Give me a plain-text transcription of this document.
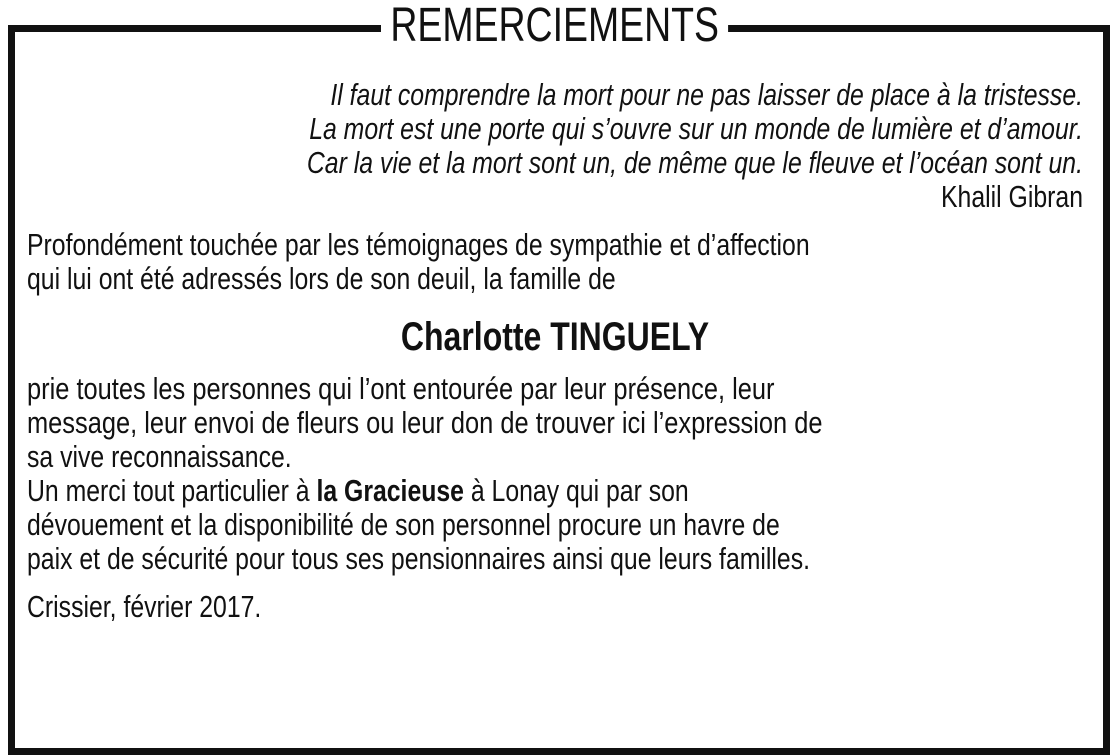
REMERCIEMENTS
Il faut comprendre la mort pour ne pas laisser de place à la tristesse.
La mort est une porte qui s’ouvre sur un monde de lumière et d’amour.
Car la vie et la mort sont un, de même que le fleuve et l’océan sont un.
Khalil Gibran
Profondément touchée par les témoignages de sympathie et d’affection
qui lui ont été adressés lors de son deuil, la famille de
Charlotte TINGUELY
prie toutes les personnes qui l’ont entourée par leur présence, leur
message, leur envoi de fleurs ou leur don de trouver ici l’expression de
sa vive reconnaissance.
Un merci tout particulier à la Gracieuse à Lonay qui par son
dévouement et la disponibilité de son personnel procure un havre de
paix et de sécurité pour tous ses pensionnaires ainsi que leurs familles.
Crissier, février 2017.
